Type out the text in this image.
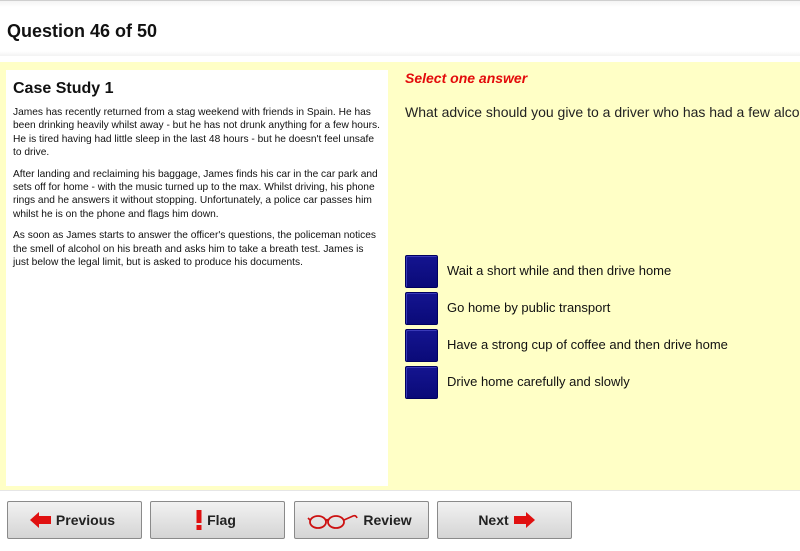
Question 46 of 50
Case Study 1

James has recently returned from a stag weekend with friends in Spain. He has been drinking heavily whilst away - but he has not drunk anything for a few hours. He is tired having had little sleep in the last 48 hours - but he doesn't feel unsafe to drive.

After landing and reclaiming his baggage, James finds his car in the car park and sets off for home - with the music turned up to the max. Whilst driving, his phone rings and he answers it without stopping. Unfortunately, a police car passes him whilst he is on the phone and flags him down.

As soon as James starts to answer the officer's questions, the policeman notices the smell of alcohol on his breath and asks him to take a breath test. James is just below the legal limit, but is asked to produce his documents.

Select one answer
What advice should you give to a driver who has had a few alco
Wait a short while and then drive home
Go home by public transport
Have a strong cup of coffee and then drive home
Drive home carefully and slowly
Previous	Flag	Review	Next
